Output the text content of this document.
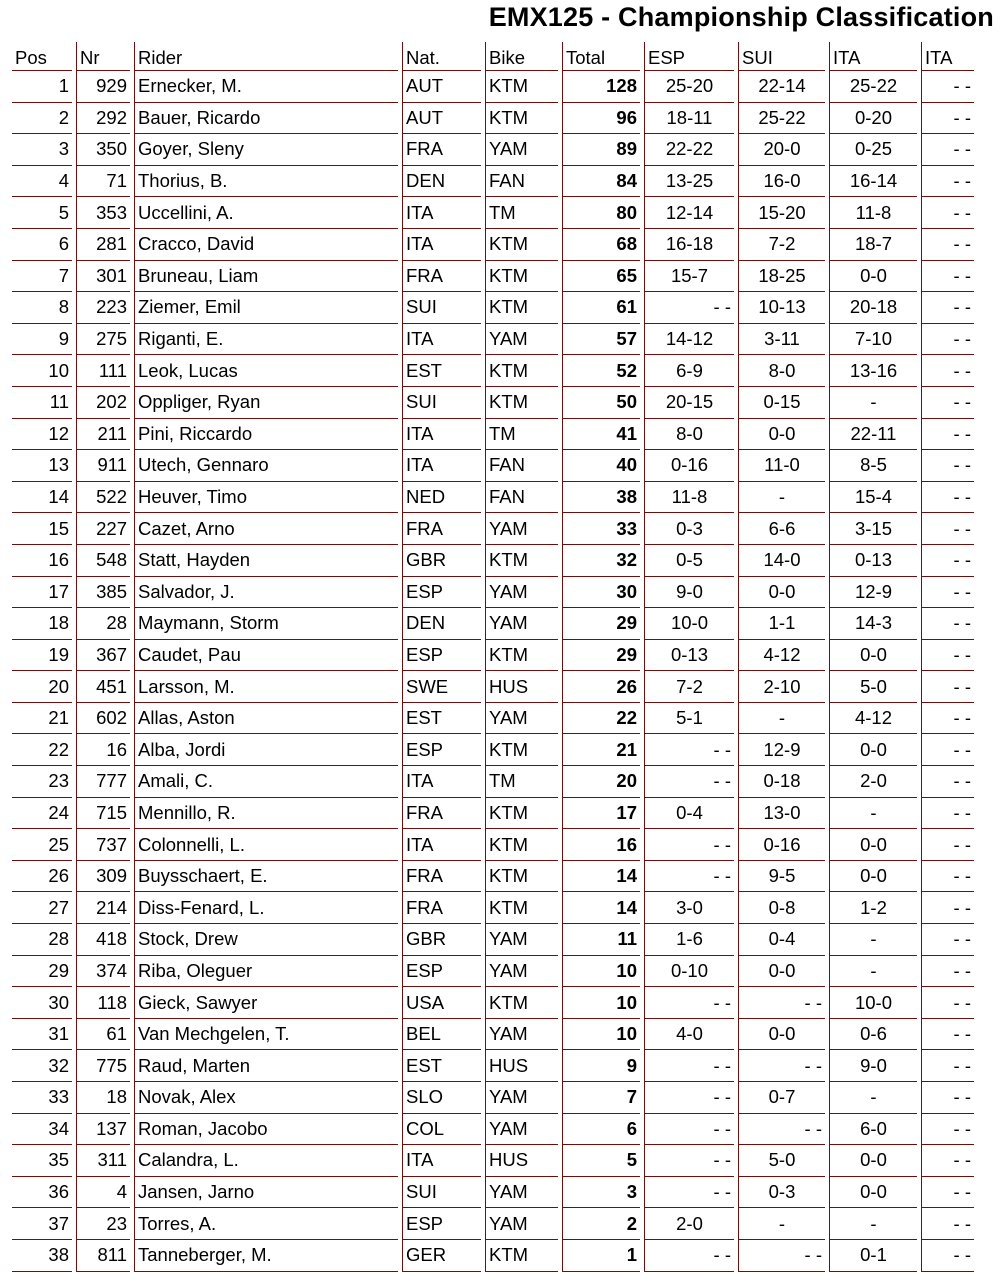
EMX125 - Championship Classification
Pos	Nr	Rider	Nat.	Bike	Total	ESP	SUI	ITA	ITA
1	929	Ernecker, M.	AUT	KTM	128	25-20	22-14	25-22	- -
2	292	Bauer, Ricardo	AUT	KTM	96	18-11	25-22	0-20	- -
3	350	Goyer, Sleny	FRA	YAM	89	22-22	20-0	0-25	- -
4	71	Thorius, B.	DEN	FAN	84	13-25	16-0	16-14	- -
5	353	Uccellini, A.	ITA	TM	80	12-14	15-20	11-8	- -
6	281	Cracco, David	ITA	KTM	68	16-18	7-2	18-7	- -
7	301	Bruneau, Liam	FRA	KTM	65	15-7	18-25	0-0	- -
8	223	Ziemer, Emil	SUI	KTM	61	- -	10-13	20-18	- -
9	275	Riganti, E.	ITA	YAM	57	14-12	3-11	7-10	- -
10	111	Leok, Lucas	EST	KTM	52	6-9	8-0	13-16	- -
11	202	Oppliger, Ryan	SUI	KTM	50	20-15	0-15	-	- -
12	211	Pini, Riccardo	ITA	TM	41	8-0	0-0	22-11	- -
13	911	Utech, Gennaro	ITA	FAN	40	0-16	11-0	8-5	- -
14	522	Heuver, Timo	NED	FAN	38	11-8	-	15-4	- -
15	227	Cazet, Arno	FRA	YAM	33	0-3	6-6	3-15	- -
16	548	Statt, Hayden	GBR	KTM	32	0-5	14-0	0-13	- -
17	385	Salvador, J.	ESP	YAM	30	9-0	0-0	12-9	- -
18	28	Maymann, Storm	DEN	YAM	29	10-0	1-1	14-3	- -
19	367	Caudet, Pau	ESP	KTM	29	0-13	4-12	0-0	- -
20	451	Larsson, M.	SWE	HUS	26	7-2	2-10	5-0	- -
21	602	Allas, Aston	EST	YAM	22	5-1	-	4-12	- -
22	16	Alba, Jordi	ESP	KTM	21	- -	12-9	0-0	- -
23	777	Amali, C.	ITA	TM	20	- -	0-18	2-0	- -
24	715	Mennillo, R.	FRA	KTM	17	0-4	13-0	-	- -
25	737	Colonnelli, L.	ITA	KTM	16	- -	0-16	0-0	- -
26	309	Buysschaert, E.	FRA	KTM	14	- -	9-5	0-0	- -
27	214	Diss-Fenard, L.	FRA	KTM	14	3-0	0-8	1-2	- -
28	418	Stock, Drew	GBR	YAM	11	1-6	0-4	-	- -
29	374	Riba, Oleguer	ESP	YAM	10	0-10	0-0	-	- -
30	118	Gieck, Sawyer	USA	KTM	10	- -	- -	10-0	- -
31	61	Van Mechgelen, T.	BEL	YAM	10	4-0	0-0	0-6	- -
32	775	Raud, Marten	EST	HUS	9	- -	- -	9-0	- -
33	18	Novak, Alex	SLO	YAM	7	- -	0-7	-	- -
34	137	Roman, Jacobo	COL	YAM	6	- -	- -	6-0	- -
35	311	Calandra, L.	ITA	HUS	5	- -	5-0	0-0	- -
36	4	Jansen, Jarno	SUI	YAM	3	- -	0-3	0-0	- -
37	23	Torres, A.	ESP	YAM	2	2-0	-	-	- -
38	811	Tanneberger, M.	GER	KTM	1	- -	- -	0-1	- -
